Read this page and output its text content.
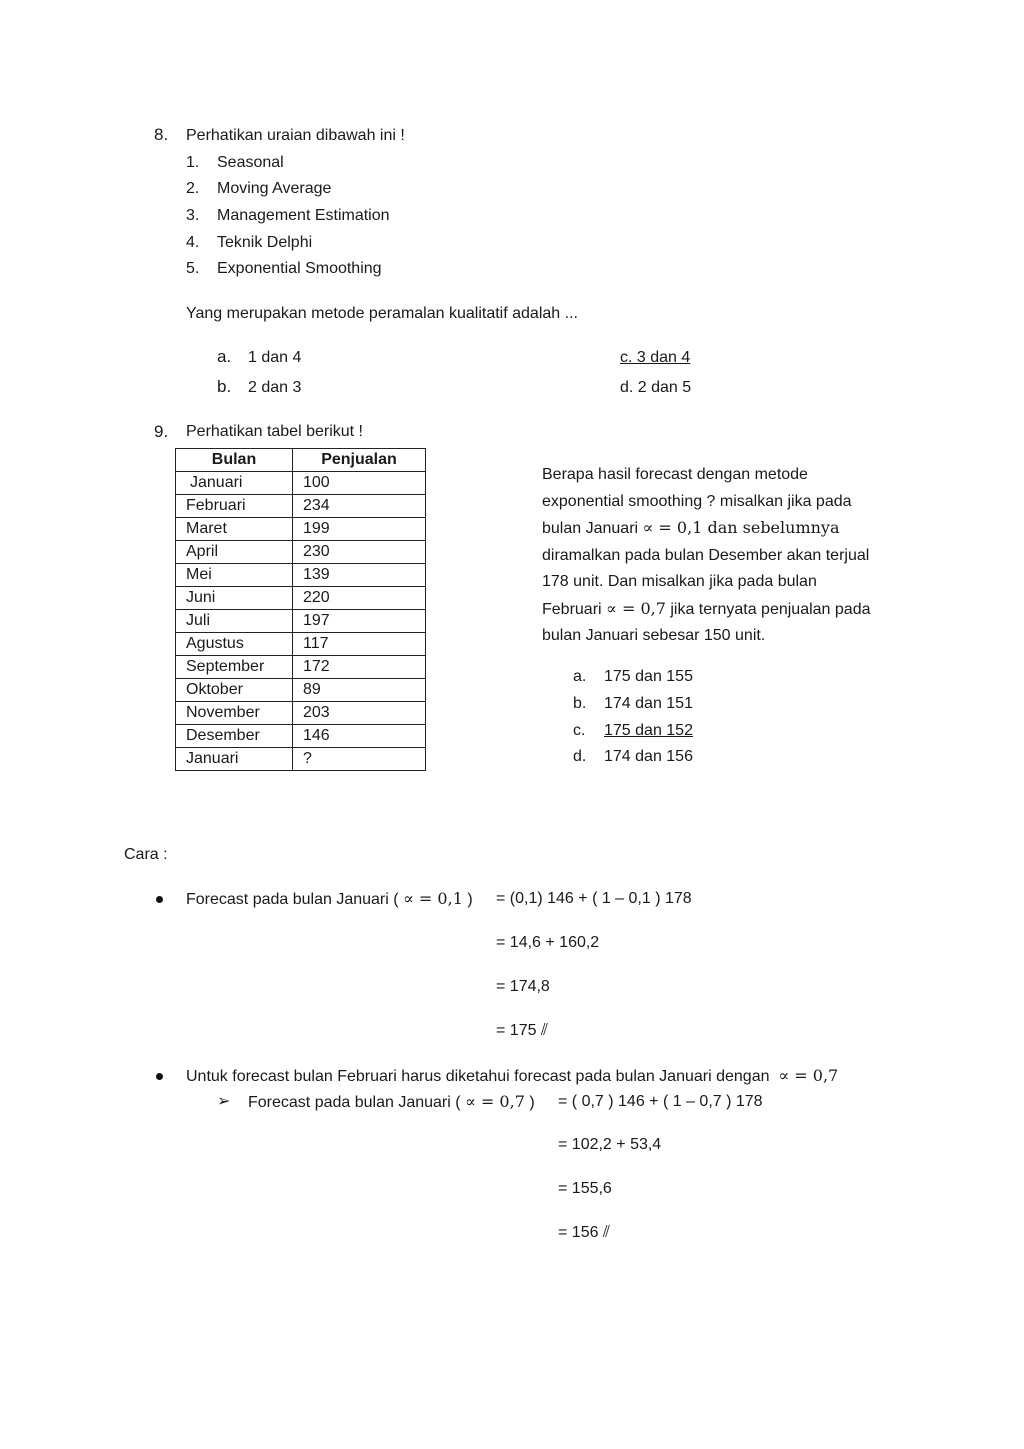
8. Perhatikan uraian dibawah ini !
1. Seasonal
2. Moving Average
3. Management Estimation
4. Teknik Delphi
5. Exponential Smoothing
Yang merupakan metode peramalan kualitatif adalah ...
a. 1 dan 4
b. 2 dan 3
c. 3 dan 4
d. 2 dan 5
9. Perhatikan tabel berikut !
Bulan	Penjualan
Januari	100
Februari	234
Maret	199
April	230
Mei	139
Juni	220
Juli	197
Agustus	117
September	172
Oktober	89
November	203
Desember	146
Januari	?
Berapa hasil forecast dengan metode
exponential smoothing ? misalkan jika pada
bulan Januari ∝ = 0,1 dan sebelumnya
diramalkan pada bulan Desember akan terjual
178 unit. Dan misalkan jika pada bulan
Februari ∝ = 0,7 jika ternyata penjualan pada
bulan Januari sebesar 150 unit.
a. 175 dan 155
b. 174 dan 151
c. 175 dan 152
d. 174 dan 156
Cara :
Forecast pada bulan Januari ( ∝ = 0,1 ) = (0,1) 146 + ( 1 – 0,1 ) 178
= 14,6 + 160,2
= 174,8
= 175 ⫽
Untuk forecast bulan Februari harus diketahui forecast pada bulan Januari dengan ∝ = 0,7
➢ Forecast pada bulan Januari ( ∝ = 0,7 ) = ( 0,7 ) 146 + ( 1 – 0,7 ) 178
= 102,2 + 53,4
= 155,6
= 156 ⫽
